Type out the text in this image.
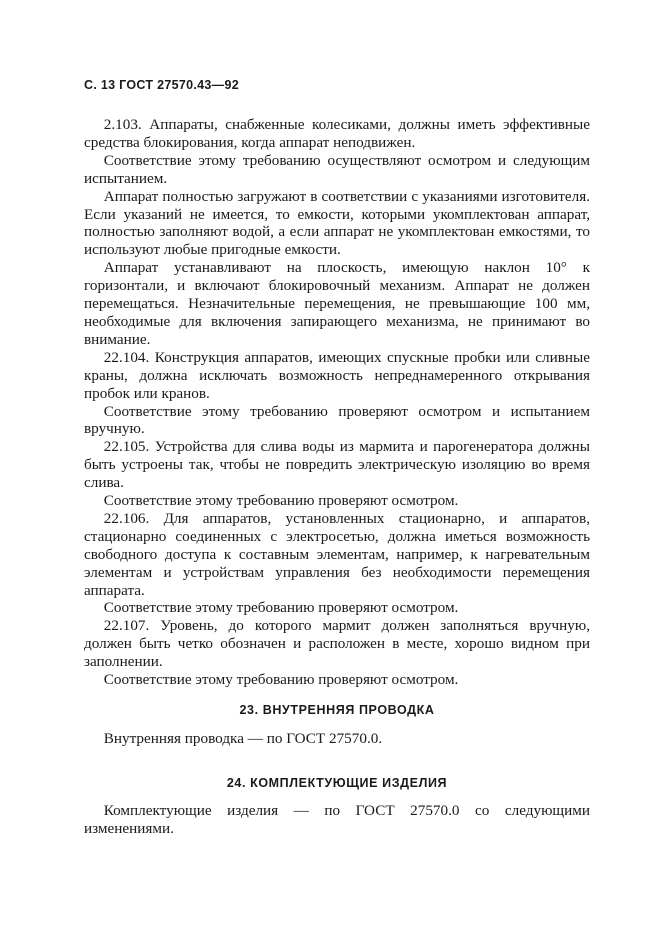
С. 13 ГОСТ 27570.43—92

2.103. Аппараты, снабженные колесиками, должны иметь эффективные средства блокирования, когда аппарат неподвижен.

Соответствие этому требованию осуществляют осмотром и следующим испытанием.

Аппарат полностью загружают в соответствии с указаниями изготовителя. Если указаний не имеется, то емкости, которыми укомплектован аппарат, полностью заполняют водой, а если аппарат не укомплектован емкостями, то используют любые пригодные емкости.

Аппарат устанавливают на плоскость, имеющую наклон 10° к горизонтали, и включают блокировочный механизм. Аппарат не должен перемещаться. Незначительные перемещения, не превышающие 100 мм, необходимые для включения запирающего механизма, не принимают во внимание.

22.104. Конструкция аппаратов, имеющих спускные пробки или сливные краны, должна исключать возможность непреднамеренного открывания пробок или кранов.

Соответствие этому требованию проверяют осмотром и испытанием вручную.

22.105. Устройства для слива воды из мармита и парогенератора должны быть устроены так, чтобы не повредить электрическую изоляцию во время слива.

Соответствие этому требованию проверяют осмотром.

22.106. Для аппаратов, установленных стационарно, и аппаратов, стационарно соединенных с электросетью, должна иметься возможность свободного доступа к составным элементам, например, к нагревательным элементам и устройствам управления без необходимости перемещения аппарата.

Соответствие этому требованию проверяют осмотром.

22.107. Уровень, до которого мармит должен заполняться вручную, должен быть четко обозначен и расположен в месте, хорошо видном при заполнении.

Соответствие этому требованию проверяют осмотром.

23. ВНУТРЕННЯЯ ПРОВОДКА

Внутренняя проводка — по ГОСТ 27570.0.

24. КОМПЛЕКТУЮЩИЕ ИЗДЕЛИЯ

Комплектующие изделия — по ГОСТ 27570.0 со следующими изменениями.
